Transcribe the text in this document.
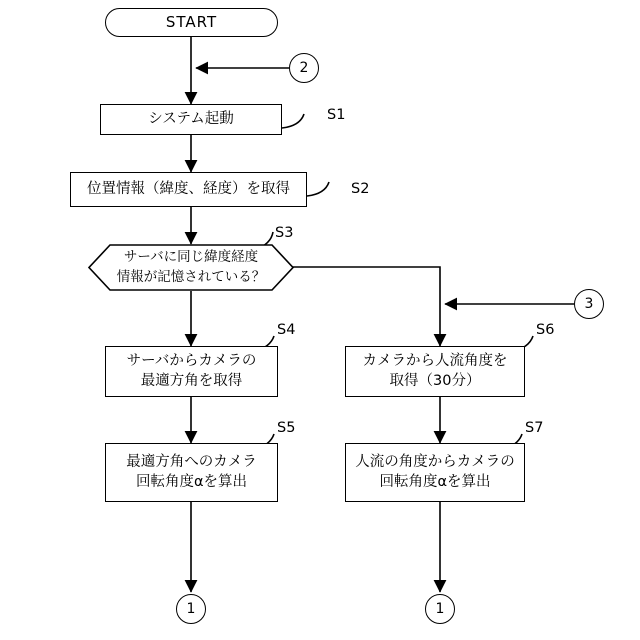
START
システム起動	S1
位置情報（緯度、経度）を取得	S2
サーバに同じ緯度経度
情報が記憶されている？
S3
サーバからカメラの
最適方角を取得
S4
最適方角へのカメラ
回転角度αを算出
S5
カメラから人流角度を
取得（30分）
S6
人流の角度からカメラの
回転角度αを算出
S7
2
3
1	1
